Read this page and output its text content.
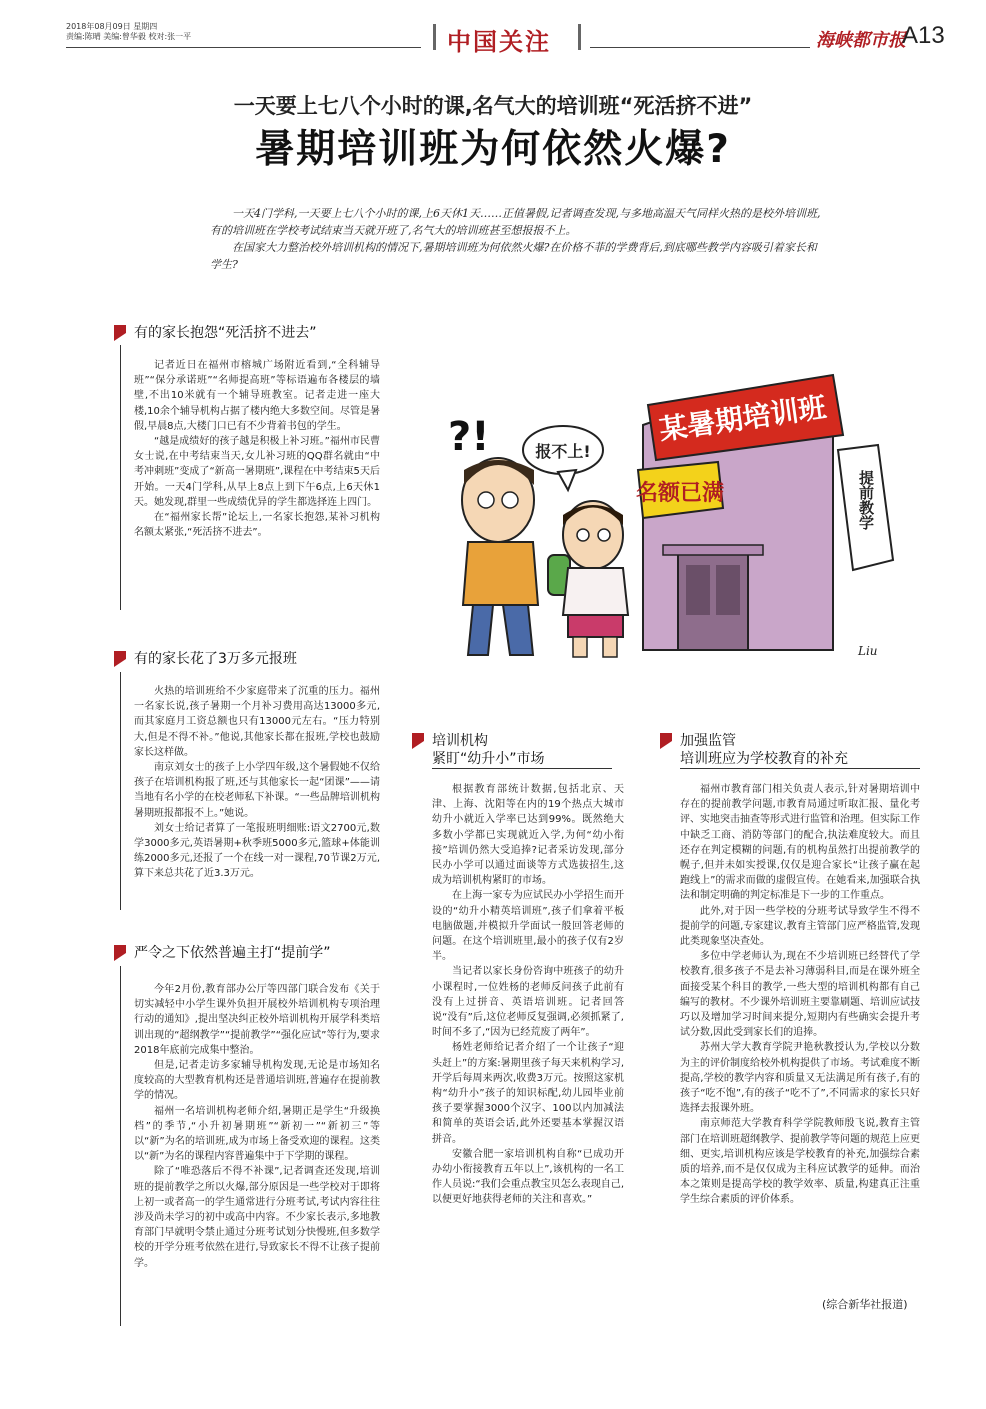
2018年08月09日 星期四
责编:陈晴 美编:曾华毅 校对:张一平	中国关注	海峡都市报
A13
一天要上七八个小时的课,名气大的培训班“死活挤不进”
暑期培训班为何依然火爆?

一天4门学科,一天要上七八个小时的课,上6天休1天……正值暑假,记者调查发现,与多地高温天气同样火热的是校外培训班,有的培训班在学校考试结束当天就开班了,名气大的培训班甚至想报报不上。

在国家大力整治校外培训机构的情况下,暑期培训班为何依然火爆?在价格不菲的学费背后,到底哪些教学内容吸引着家长和学生?

有的家长抱怨“死活挤不进去”

记者近日在福州市榕城广场附近看到,“全科辅导班”“保分承诺班”“名师提高班”等标语遍布各楼层的墙壁,不出10米就有一个辅导班教室。记者走进一座大楼,10余个辅导机构占据了楼内绝大多数空间。尽管是暑假,早晨8点,大楼门口已有不少背着书包的学生。

“越是成绩好的孩子越是积极上补习班。”福州市民曹女士说,在中考结束当天,女儿补习班的QQ群名就由“中考冲刺班”变成了“新高一暑期班”,课程在中考结束5天后开始。一天4门学科,从早上8点上到下午6点,上6天休1天。她发现,群里一些成绩优异的学生都选择连上四门。

在“福州家长帮”论坛上,一名家长抱怨,某补习机构名额太紧张,“死活挤不进去”。

有的家长花了3万多元报班

火热的培训班给不少家庭带来了沉重的压力。福州一名家长说,孩子暑期一个月补习费用高达13000多元,而其家庭月工资总额也只有13000元左右。“压力特别大,但是不得不补。”他说,其他家长都在报班,学校也鼓励家长这样做。

南京刘女士的孩子上小学四年级,这个暑假她不仅给孩子在培训机构报了班,还与其他家长一起“团课”——请当地有名小学的在校老师私下补课。“一些品牌培训机构暑期班报都报不上。”她说。

刘女士给记者算了一笔报班明细账:语文2700元,数学3000多元,英语暑期+秋季班5000多元,篮球+体能训练2000多元,还报了一个在线一对一课程,70节课2万元,算下来总共花了近3.3万元。

严令之下依然普遍主打“提前学”

今年2月份,教育部办公厅等四部门联合发布《关于切实减轻中小学生课外负担开展校外培训机构专项治理行动的通知》,提出坚决纠正校外培训机构开展学科类培训出现的“超纲教学”“提前教学”“强化应试”等行为,要求2018年底前完成集中整治。

但是,记者走访多家辅导机构发现,无论是市场知名度较高的大型教育机构还是普通培训班,普遍存在提前教学的情况。

福州一名培训机构老师介绍,暑期正是学生“升级换档”的季节,“小升初暑期班”“新初一”“新初三”等以“新”为名的培训班,成为市场上备受欢迎的课程。这类以“新”为名的课程内容普遍集中于下学期的课程。

除了“唯恐落后不得不补课”,记者调查还发现,培训班的提前教学之所以火爆,部分原因是一些学校对于即将上初一或者高一的学生通常进行分班考试,考试内容往往涉及尚未学习的初中或高中内容。不少家长表示,多地教育部门早就明令禁止通过分班考试划分快慢班,但多数学校的开学分班考依然在进行,导致家长不得不让孩子提前学。

培训机构
紧盯“幼升小”市场

根据教育部统计数据,包括北京、天津、上海、沈阳等在内的19个热点大城市幼升小就近入学率已达到99%。既然绝大多数小学都已实现就近入学,为何“幼小衔接”培训仍然大受追捧?记者采访发现,部分民办小学可以通过面谈等方式选拔招生,这成为培训机构紧盯的市场。

在上海一家专为应试民办小学招生而开设的“幼升小精英培训班”,孩子们拿着平板电脑做题,并模拟升学面试一般回答老师的问题。在这个培训班里,最小的孩子仅有2岁半。

当记者以家长身份咨询中班孩子的幼升小课程时,一位姓杨的老师反问孩子此前有没有上过拼音、英语培训班。记者回答说“没有”后,这位老师反复强调,必须抓紧了,时间不多了,“因为已经荒废了两年”。

杨姓老师给记者介绍了一个让孩子“迎头赶上”的方案:暑期里孩子每天来机构学习,开学后每周来两次,收费3万元。按照这家机构“幼升小”孩子的知识标配,幼儿园毕业前孩子要掌握3000个汉字、100以内加减法和简单的英语会话,此外还要基本掌握汉语拼音。

安徽合肥一家培训机构自称“已成功开办幼小衔接教育五年以上”,该机构的一名工作人员说:“我们会重点教宝贝怎么表现自己,以便更好地获得老师的关注和喜欢。”

加强监管
培训班应为学校教育的补充

福州市教育部门相关负责人表示,针对暑期培训中存在的提前教学问题,市教育局通过听取汇报、量化考评、实地突击抽查等形式进行监管和治理。但实际工作中缺乏工商、消防等部门的配合,执法难度较大。而且还存在判定模糊的问题,有的机构虽然打出提前教学的幌子,但并未如实授课,仅仅是迎合家长“让孩子赢在起跑线上”的需求而做的虚假宣传。在她看来,加强联合执法和制定明确的判定标准是下一步的工作重点。

此外,对于因一些学校的分班考试导致学生不得不提前学的问题,专家建议,教育主管部门应严格监管,发现此类现象坚决查处。

多位中学老师认为,现在不少培训班已经替代了学校教育,很多孩子不是去补习薄弱科目,而是在课外班全面接受某个科目的教学,一些大型的培训机构都有自己编写的教材。不少课外培训班主要靠刷题、培训应试技巧以及增加学习时间来提分,短期内有些确实会提升考试分数,因此受到家长们的追捧。

苏州大学大教育学院尹艳秋教授认为,学校以分数为主的评价制度给校外机构提供了市场。考试难度不断提高,学校的教学内容和质量又无法满足所有孩子,有的孩子“吃不饱”,有的孩子“吃不了”,不同需求的家长只好选择去报课外班。

南京师范大学教育科学学院教师殷飞说,教育主管部门在培训班超纲教学、提前教学等问题的规范上应更细、更实,培训机构应该是学校教育的补充,加强综合素质的培养,而不是仅仅成为主科应试教学的延伸。而治本之策则是提高学校的教学效率、质量,构建真正注重学生综合素质的评价体系。

(综合新华社报道)
某暑期培训班
名额已满	提前教学
报不上!
?!
Liu
